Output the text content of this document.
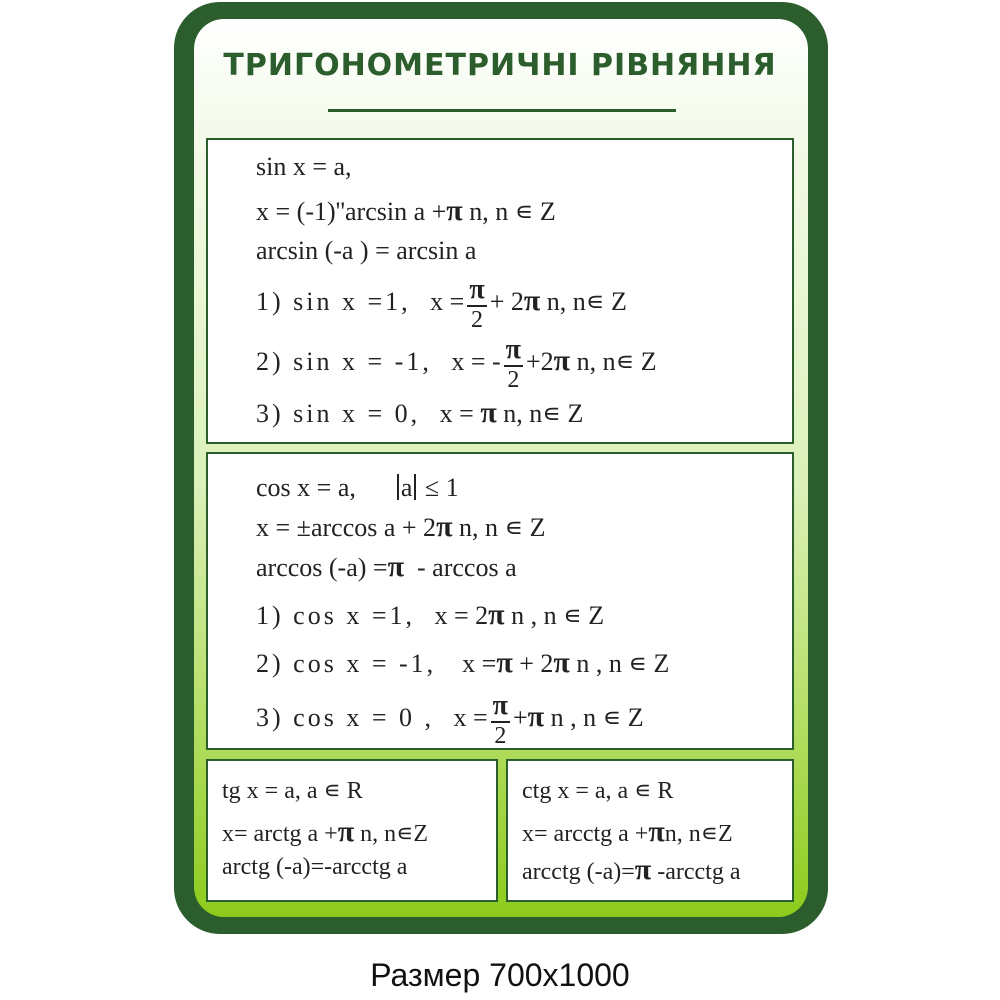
ТРИГОНОМЕТРИЧНІ РІВНЯННЯ
sin x = a,
x = (-1)''arcsin a +π n, n ∊ Z
arcsin (-a ) = arcsin a
1) sin x =1, $x = \frac{\pi}{2} + 2\pi$ n, n∊ Z
2) sin x = -1, x = - $\frac{\pi}{2} +2\pi$ n, n∊ Z
3) sin x = 0, x = π n, n∊ Z
cos x = a, a ≤ 1
x = ±arccos a + 2π n, n ∊ Z
arccos (-a) =π - arccos a
1) cos x =1, x = 2π n , n ∊ Z
2) cos x = -1, x =π + 2π n , n ∊ Z
3) cos x = 0 , $x = \frac{\pi}{2} +\pi$ n , n ∊ Z
tg x = a, a ∊ R
x= arctg a +π n, n∊Z
arctg (-a)=-arcctg a
ctg x = a, a ∊ R
x= arcctg a +πn, n∊Z
arcctg (-a)=π -arcctg a
Размер 700х1000
